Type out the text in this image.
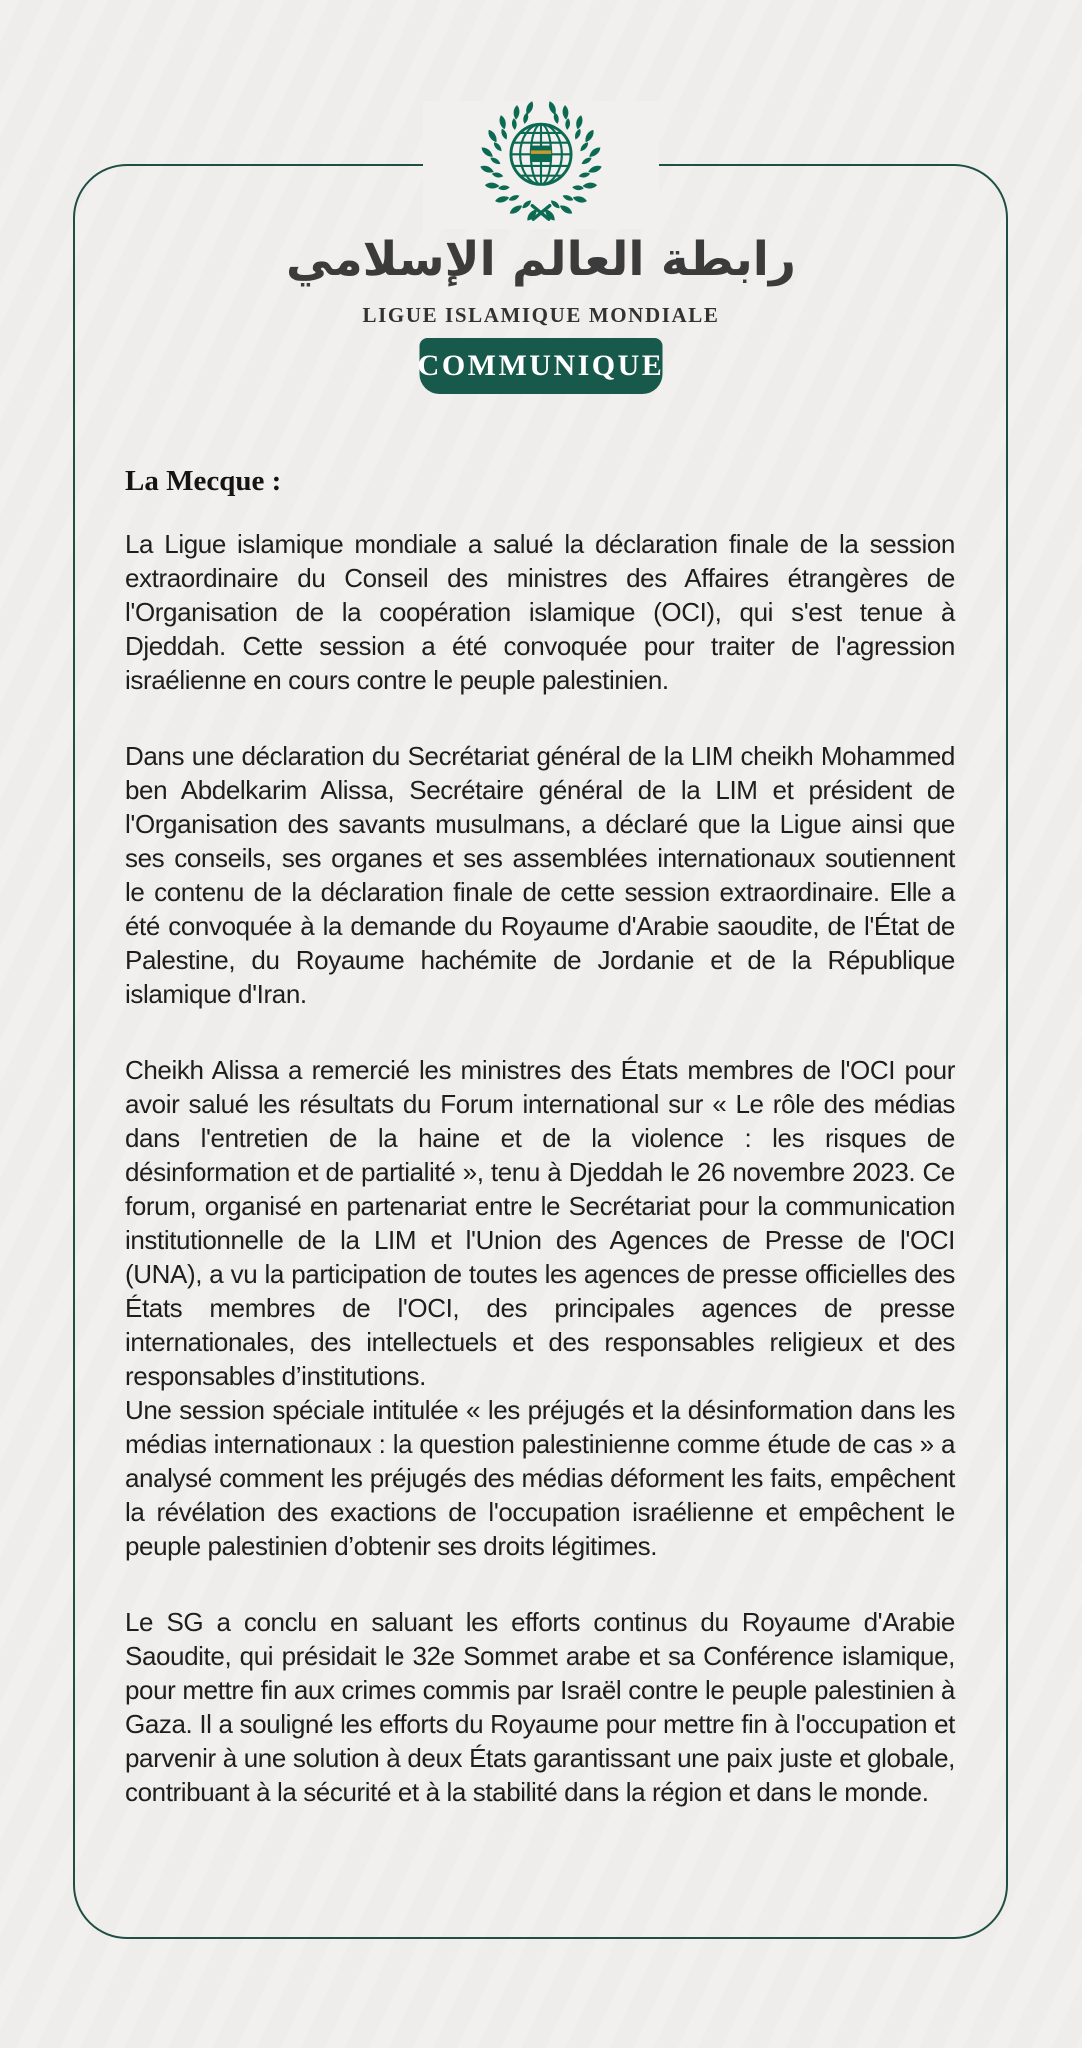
رابطة العالم الإسلامي
LIGUE ISLAMIQUE MONDIALE
COMMUNIQUE
La Mecque :

La Ligue islamique mondiale a salué la déclaration finale de la session extraordinaire du Conseil des ministres des Affaires étrangères de l'Organisation de la coopération islamique (OCI), qui s'est tenue à Djeddah. Cette session a été convoquée pour traiter de l'agression israélienne en cours contre le peuple palestinien.

Dans une déclaration du Secrétariat général de la LIM cheikh Mohammed ben Abdelkarim Alissa, Secrétaire général de la LIM et président de l'Organisation des savants musulmans, a déclaré que la Ligue ainsi que ses conseils, ses organes et ses assemblées internationaux soutiennent le contenu de la déclaration finale de cette session extraordinaire. Elle a été convoquée à la demande du Royaume d'Arabie saoudite, de l'État de Palestine, du Royaume hachémite de Jordanie et de la République islamique d'Iran.

Cheikh Alissa a remercié les ministres des États membres de l'OCI pour avoir salué les résultats du Forum international sur « Le rôle des médias dans l'entretien de la haine et de la violence : les risques de désinformation et de partialité », tenu à Djeddah le 26 novembre 2023. Ce forum, organisé en partenariat entre le Secrétariat pour la communication institutionnelle de la LIM et l'Union des Agences de Presse de l'OCI (UNA), a vu la participation de toutes les agences de presse officielles des États membres de l'OCI, des principales agences de presse internationales, des intellectuels et des responsables religieux et des responsables d’institutions.

Une session spéciale intitulée « les préjugés et la désinformation dans les médias internationaux : la question palestinienne comme étude de cas » a analysé comment les préjugés des médias déforment les faits, empêchent la révélation des exactions de l'occupation israélienne et empêchent le peuple palestinien d’obtenir ses droits légitimes.

Le SG a conclu en saluant les efforts continus du Royaume d'Arabie Saoudite, qui présidait le 32e Sommet arabe et sa Conférence islamique, pour mettre fin aux crimes commis par Israël contre le peuple palestinien à Gaza. Il a souligné les efforts du Royaume pour mettre fin à l'occupation et parvenir à une solution à deux États garantissant une paix juste et globale, contribuant à la sécurité et à la stabilité dans la région et dans le monde.
